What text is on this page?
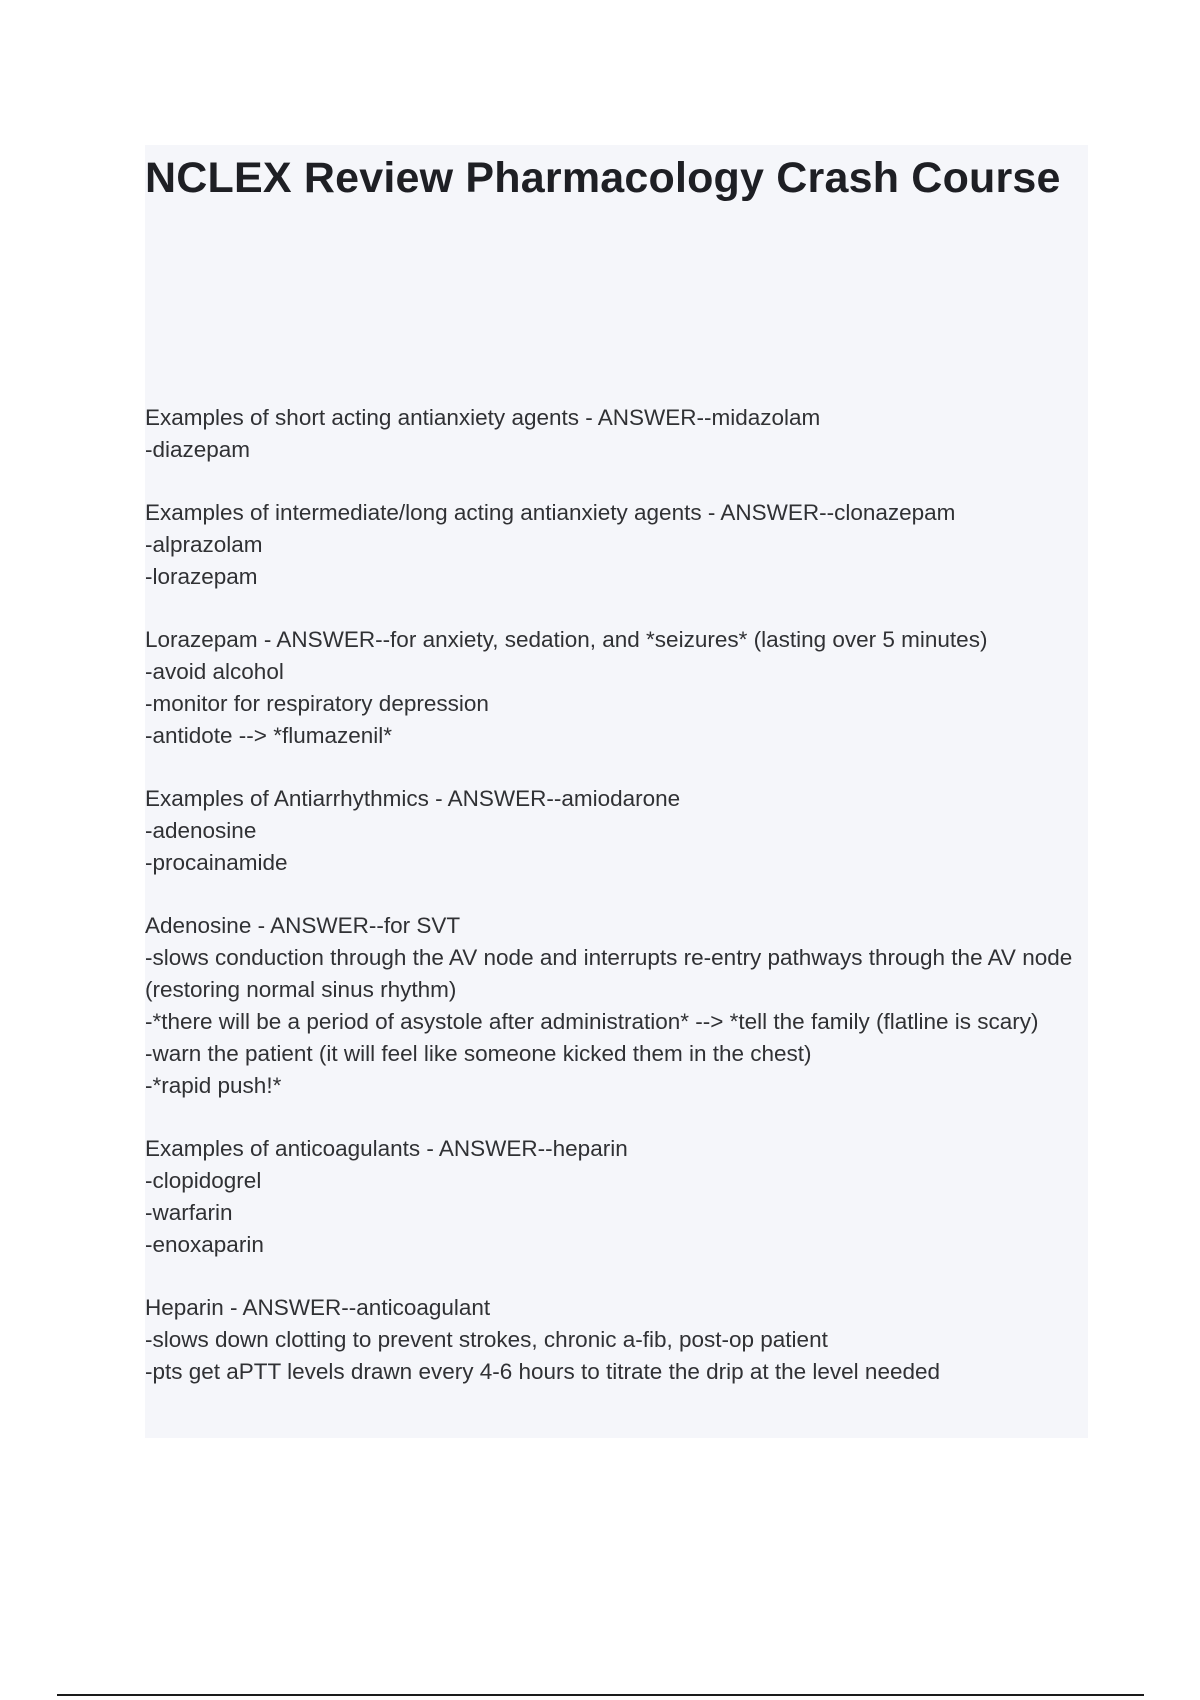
NCLEX Review Pharmacology Crash Course
Examples of short acting antianxiety agents - ANSWER--midazolam
-diazepam
Examples of intermediate/long acting antianxiety agents - ANSWER--clonazepam
-alprazolam
-lorazepam
Lorazepam - ANSWER--for anxiety, sedation, and *seizures* (lasting over 5 minutes)
-avoid alcohol
-monitor for respiratory depression
-antidote --> *flumazenil*
Examples of Antiarrhythmics - ANSWER--amiodarone
-adenosine
-procainamide
Adenosine - ANSWER--for SVT
-slows conduction through the AV node and interrupts re-entry pathways through the AV node (restoring normal sinus rhythm)
-*there will be a period of asystole after administration* --> *tell the family (flatline is scary)
-warn the patient (it will feel like someone kicked them in the chest)
-*rapid push!*
Examples of anticoagulants - ANSWER--heparin
-clopidogrel
-warfarin
-enoxaparin
Heparin - ANSWER--anticoagulant
-slows down clotting to prevent strokes, chronic a-fib, post-op patient
-pts get aPTT levels drawn every 4-6 hours to titrate the drip at the level needed
